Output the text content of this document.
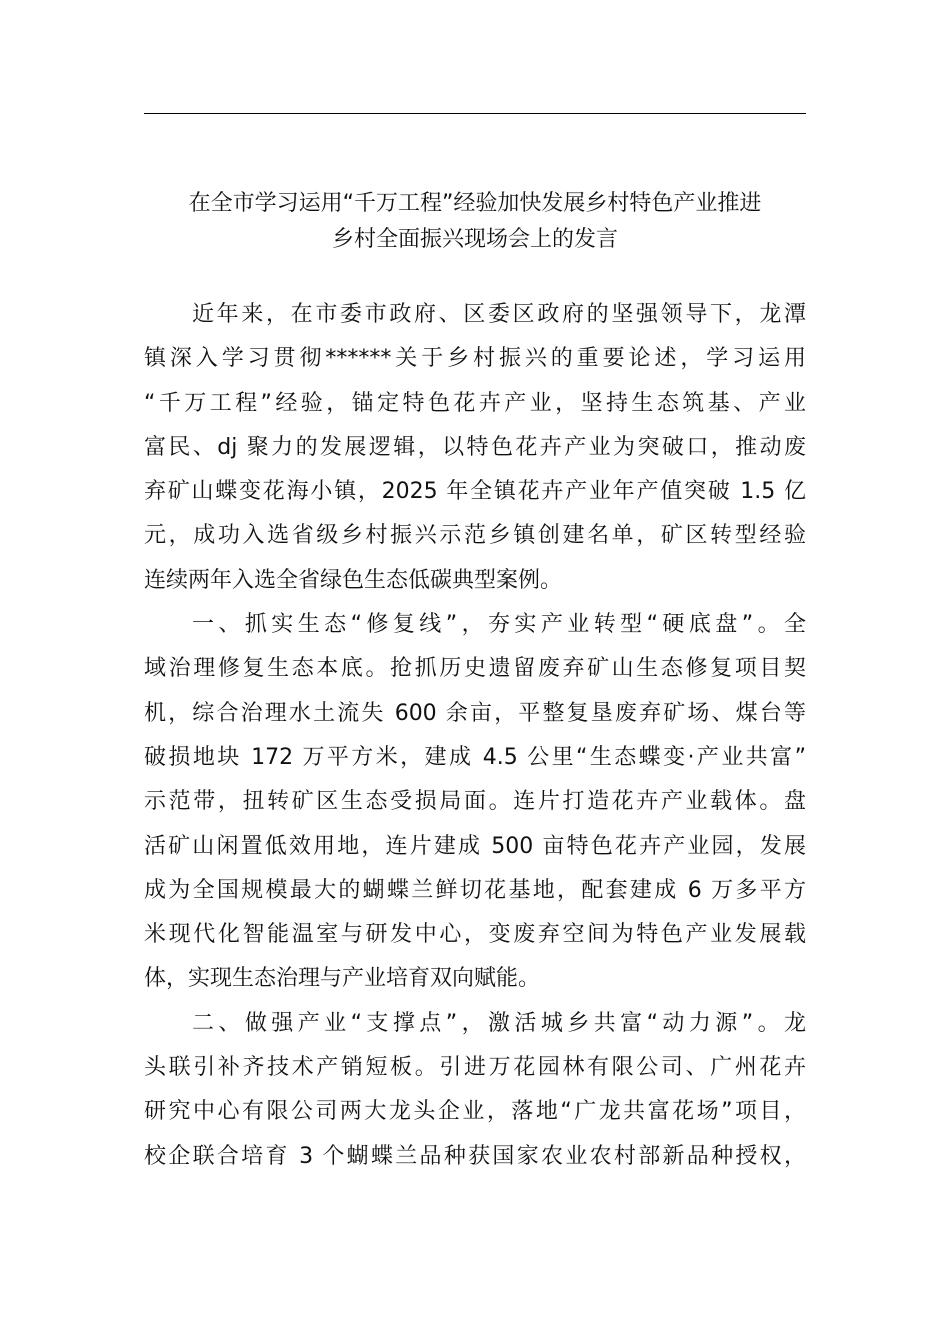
在全市学习运用“千万工程”经验加快发展乡村特色产业推进
乡村全面振兴现场会上的发言
近年来，在市委市政府、区委区政府的坚强领导下，龙潭
镇深入学习贯彻******关于乡村振兴的重要论述，学习运用
“千万工程”经验，锚定特色花卉产业，坚持生态筑基、产业
富民、dj 聚力的发展逻辑，以特色花卉产业为突破口，推动废
弃矿山蝶变花海小镇，2025 年全镇花卉产业年产值突破 1.5 亿
元，成功入选省级乡村振兴示范乡镇创建名单，矿区转型经验
连续两年入选全省绿色生态低碳典型案例。
一、抓实生态“修复线”，夯实产业转型“硬底盘”。全
域治理修复生态本底。抢抓历史遗留废弃矿山生态修复项目契
机，综合治理水土流失 600 余亩，平整复垦废弃矿场、煤台等
破损地块 172 万平方米，建成 4.5 公里“生态蝶变·产业共富”
示范带，扭转矿区生态受损局面。连片打造花卉产业载体。盘
活矿山闲置低效用地，连片建成 500 亩特色花卉产业园，发展
成为全国规模最大的蝴蝶兰鲜切花基地，配套建成 6 万多平方
米现代化智能温室与研发中心，变废弃空间为特色产业发展载
体，实现生态治理与产业培育双向赋能。
二、做强产业“支撑点”，激活城乡共富“动力源”。龙
头联引补齐技术产销短板。引进万花园林有限公司、广州花卉
研究中心有限公司两大龙头企业，落地“广龙共富花场”项目，
校企联合培育 3 个蝴蝶兰品种获国家农业农村部新品种授权，
